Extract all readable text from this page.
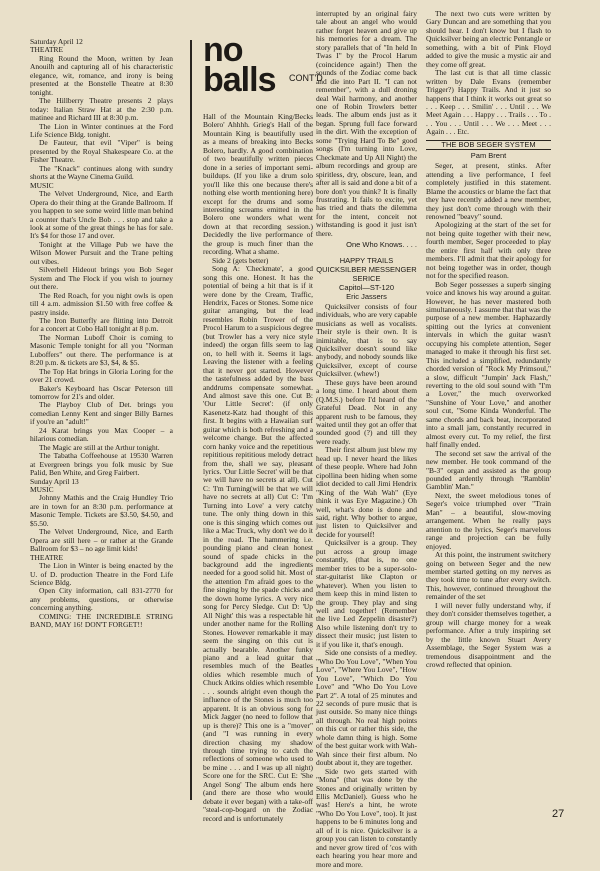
Saturday April 12

THEATRE

Ring Round the Moon, written by Jean Anouilh and capturing all of his characteristic elegance, wit, romance, and irony is being presented at the Bonstelle Theatre at 8:30 tonight.

The Hillberry Theatre presents 2 plays today: Italian Straw Hat at the 2:30 p.m. matinee and Richard III at 8:30 p.m.

The Lion in Winter continues at the Ford Life Science Bldg. tonight.

De Fauteur, that evil "Viper" is being presented by the Royal Shakespeare Co. at the Fisher Theatre.

The "Knack" continues along with sundry shorts at the Wayne Cinema Guild.

MUSIC

The Velvet Underground, Nice, and Earth Opera do their thing at the Grande Ballroom. If you happen to see some weird little man behind a counter that's Uncle Bob . . . stop and take a look at some of the great things he has for sale. It's $4 for those 17 and over.

Tonight at the Village Pub we have the Wilson Mower Pursuit and the Trane pelting out vibes.

Silverbell Hideout brings you Bob Seger System and The Flock if you wish to journey out there.

The Red Roach, for you night owls is open till 4 a.m. admission $1.50 with free coffee & pastry inside.

The Iron Butterfly are flitting into Detroit for a concert at Cobo Hall tonight at 8 p.m.

The Norman Luboff Choir is coming to Masonic Temple tonight for all you "Norman Luboffers" out there. The performance is at 8:20 p.m. & tickets are $3, $4, & $5.

The Top Hat brings in Gloria Loring for the over 21 crowd.

Baker's Keyboard has Oscar Peterson till tomorrow for 21's and older.

The Playboy Club of Det. brings you comedian Lenny Kent and singer Billy Barnes if you're an "adult!"

24 Karat brings you Max Cooper – a hilarious comedian.

The Magic are still at the Arthur tonight.

The Tabatha Coffeehouse at 19530 Warren at Evergreen brings you folk music by Sue Palid, Ben White, and Greg Fairbert.

Sunday April 13

MUSIC

Johnny Mathis and the Craig Hundley Trio are in town for an 8:30 p.m. performance at Masonic Temple. Tickets are $3.50, $4.50, and $5.50.

The Velvet Underground, Nice, and Earth Opera are still here – or rather at the Grande Ballroom for $3 – no age limit kids!

THEATRE

The Lion in Winter is being enacted by the U. of D. production Theatre in the Ford Life Science Bldg.

Open City information, call 831-2770 for any problems, questions, or otherwise concerning anything.

COMING: THE INCREDIBLE STRING BAND, MAY 16! DON'T FORGET!!

no balls	CONT'D

Hall of the Mountain King/Becks Bolero' Ahhhh. Grieg's Hall of the Mountain King is beautifully used as a means of breaking into Becks Bolero, hardly. A good combination of two beautifully written pieces done in a series of important semi-buildups. (If you like a drum solo you'll like this one because there's nothing else worth mentioning here) except for the drums and some interesting screams emitted in the Bolero one wonders what went down at that recording session.) Decidedly the live performance of the group is much finer than the recording. What a shame.

Side 2 (gets better)

Song A: 'Checkmate', a good song this one. Honest. It has the potential of being a hit that is if it were done by the Cream, Traffic, Hendrix, Faces or Stones. Some nice guitar arranging, but the lead resembles Robin Trower of the Procol Harum to a suspicious degree (but Trowler has a very nice style indeed) the organ fills seem to lag on, to hell with it. Seems it lags. Leaving the listener with a feeling that it never got started. However the tastefulness added by the bass anddrums compensate somewhat. And almost save this one. Cut B: 'Our Little Secret': (if only Kasenetz-Katz had thought of this first. It begins with a Hawaiian surf guitar which is both refreshing and a welcome change. But the affected corn hanky voice and the repetitious repititious repititious melody detract from the, shall we say, pleasant lyrics. 'Our Little Secret' will be that we will have no secrets at all). Cut C: 'I'm Turning(will be that we will have no secrets at all) Cut C: 'I'm Turning into Love' a very catchy tune. The only thing down in this one is this singing which comes out like a Mac Truck, why don't we do it in the road. The hammering i.e. pounding piano and clean honest sound of spade chicks in the background add the ingredients needed for a good solid hit. Most of the attention I'm afraid goes to the fine singing by the spade chicks and the down home lyrics. A very nice song for Percy Sledge. Cut D: 'Up All Night' this was a respectable hit under another name for the Rolling Stones. However remarkable it may seem the singing on this cut is actually bearable. Another funky piano and a lead guitar that resembles much of the Beatles oldies which resemble much of Chuck Atkins oldies which resemble . . . sounds alright even though the influence of the Stones is much too apparent. It is an obvious song for Mick Jagger (no need to follow that up is there)? This one is a "mover" (and "I was running in every direction chasing my shadow through time trying to catch the reflections of someone who used to be mine . . . and I was up all night) Score one for the SRC. Cut E: 'She Angel Song' The album ends here (and there are those who would debate it ever began) with a take-off "steal-cop-bogard on the Zodiac record and is unfortunately

interrupted by an original fairy tale about an angel who would rather forget heaven and give up his memories for a dream. The story parallels that of "In held In Twas I" by the Procol Harum (coincidence again!) Then the sounds of the Zodiac come back and die into Part II. "I can not remember", with a dull droning deal Wail harmony, and another one of Robin Trowlers better leads. The album ends just as it began. Sprung full face forward in the dirt. With the exception of some "Trying Hard To Be" good songs (I'm turning into Love, Checkmate and Up All Night) the album recordings and group are spiritless, dry, obscure, lean, and after all is said and done a bit of a bore don't you think? It is finally frustrating. It fails to excite, yet has tried and thats the dilemma for the intent, conceit not withstanding is good it just isn't there.

One Who Knows. . . .
HAPPY TRAILS
QUICKSILBER MESSENGER SERICE
Capitol—ST-120
Eric Jassers

Quicksilver consists of four individuals, who are very capable musicians as well as vocalists. Their style is their own. It is inimitable, that is to say Quicksilver doesn't sound like anybody, and nobody sounds like Quicksilver, except of course Quicksilver. (whew!)

These guys have been around a long time. I heard about them (Q.M.S.) before I'd heard of the Grateful Dead. Not in any apparent rush to be famous, they waited until they got an offer that sounded good (?) and till they were ready.

Their first album just blew my head up. I never heard the likes of these people. Where had John cipollina been hiding when some idiot decided to call Jimi Hendrix "King of the Wah Wah" (Eye think it was Eye Magazine.) Oh well, what's done is done and said, right. Why bother to argue, just listen to Quicksilver and decide for yourself!

Quicksilver is a group. They put across a group image constantly, (that is, no one member tries to be a super-solo-star-guitarist like Clapton or whatever). When you listen to them keep this in mind listen to the group. They play and sing well and together! (Remember the live Led Zeppelin disaster?) Also while listening don't try to dissect their music; just listen to it if you like it, that's enough.

Side one consists of a medley. "Who Do You Love", "When You Love", "Where You Love", "How You Love", "Which Do You Love" and "Who Do You Love Part 2". A total of 25 minutes and 22 seconds of pure music that is just outside. So many nice things all through. No real high points on this cut or rather this side, the whole damn thing is high. Some of the best guitar work with Wah-Wah since their first album. No doubt about it, they are together.

Side two gets started with "Mona" (that was done by the Stones and originally written by Ellis McDaniel). Guess who he was! Here's a hint, he wrote "Who Do You Love", too). It just happens to be 6 minutes long and all of it is nice. Quicksilver is a group you can listen to constantly and never grow tired of 'cos with each hearing you hear more and more and more.

The next two cuts were written by Gary Duncan and are something that you should hear. I don't know but I flash to Quicksilver being an electric Pentangle or something, with a bit of Pink Floyd added to give the music a mystic air and they come off great.

The last cut is that all time classic written by Dale Evans (remember Trigger?) Happy Trails. And it just so happens that I think it works out great so . . . Keep . . . Smilin' . . . Until . . . We Meet Again . . . Happy . . . Trails . . . To . . . You . . . Until . . . We . . . Meet . . . Again . . . Etc.

THE BOB SEGER SYSTEM
Pam Brent

Seger, at present, stinks. After attending a live performance, I feel completely justified in this statement. Blame the acoustics or blame the fact that they have recently added a new member, they just don't come through with their renowned "beavy" sound.

Apologizing at the start of the set for not being quite together with their new, fourth member, Seger proceeded to play the entire first half with only three members. I'll admit that their apology for not being together was in order, though not for the specified reason.

Bob Seger possesses a superb singing voice and knows his way around a guitar. However, he has never mastered both simultaneously. I assume that that was the purpose of a new member. Haphazardly spitting out the lyrics at convenient intervals in which the guitar wasn't occupying his complete attention, Seger managed to make it through his first set. This included a simplified, redundantly chorded version of "Rock My Primsoul," a slow, difficult "Jumpin' Jack Flash," reverting to the old soul sound with "I'm a Lover," the much overworked "Sunshine of Your Love," and another soul cut, "Some Kinda Wonderful. The same chords and back beat, incorporated into a small jam, constantly recurred in almost every cut. To my relief, the first half finally ended.

The second set saw the arrival of the new member. He took command of the "B-3" organ and assisted as the group pounded ardently through "Ramblin' Gamblin' Man."

Next, the sweet melodious tones of Seger's voice triumphed over "Train Man" – a beautiful, slow-moving arrangement. When he really pays attention to the lyrics, Seger's marvelous range and projection can be fully enjoyed.

At this point, the instrument switchery going on between Seger and the new member started getting on my nerves as they took time to tune after every switch. This, however, continued throughout the remainder of the set

I will never fully understand why, if they don't consider themselves together, a group will charge money for a weak performance. After a truly inspiring set by the little known Stuart Avery Assemblage, the Seger System was a tremendous disappointment and the crowd reflected that opinion.

27
